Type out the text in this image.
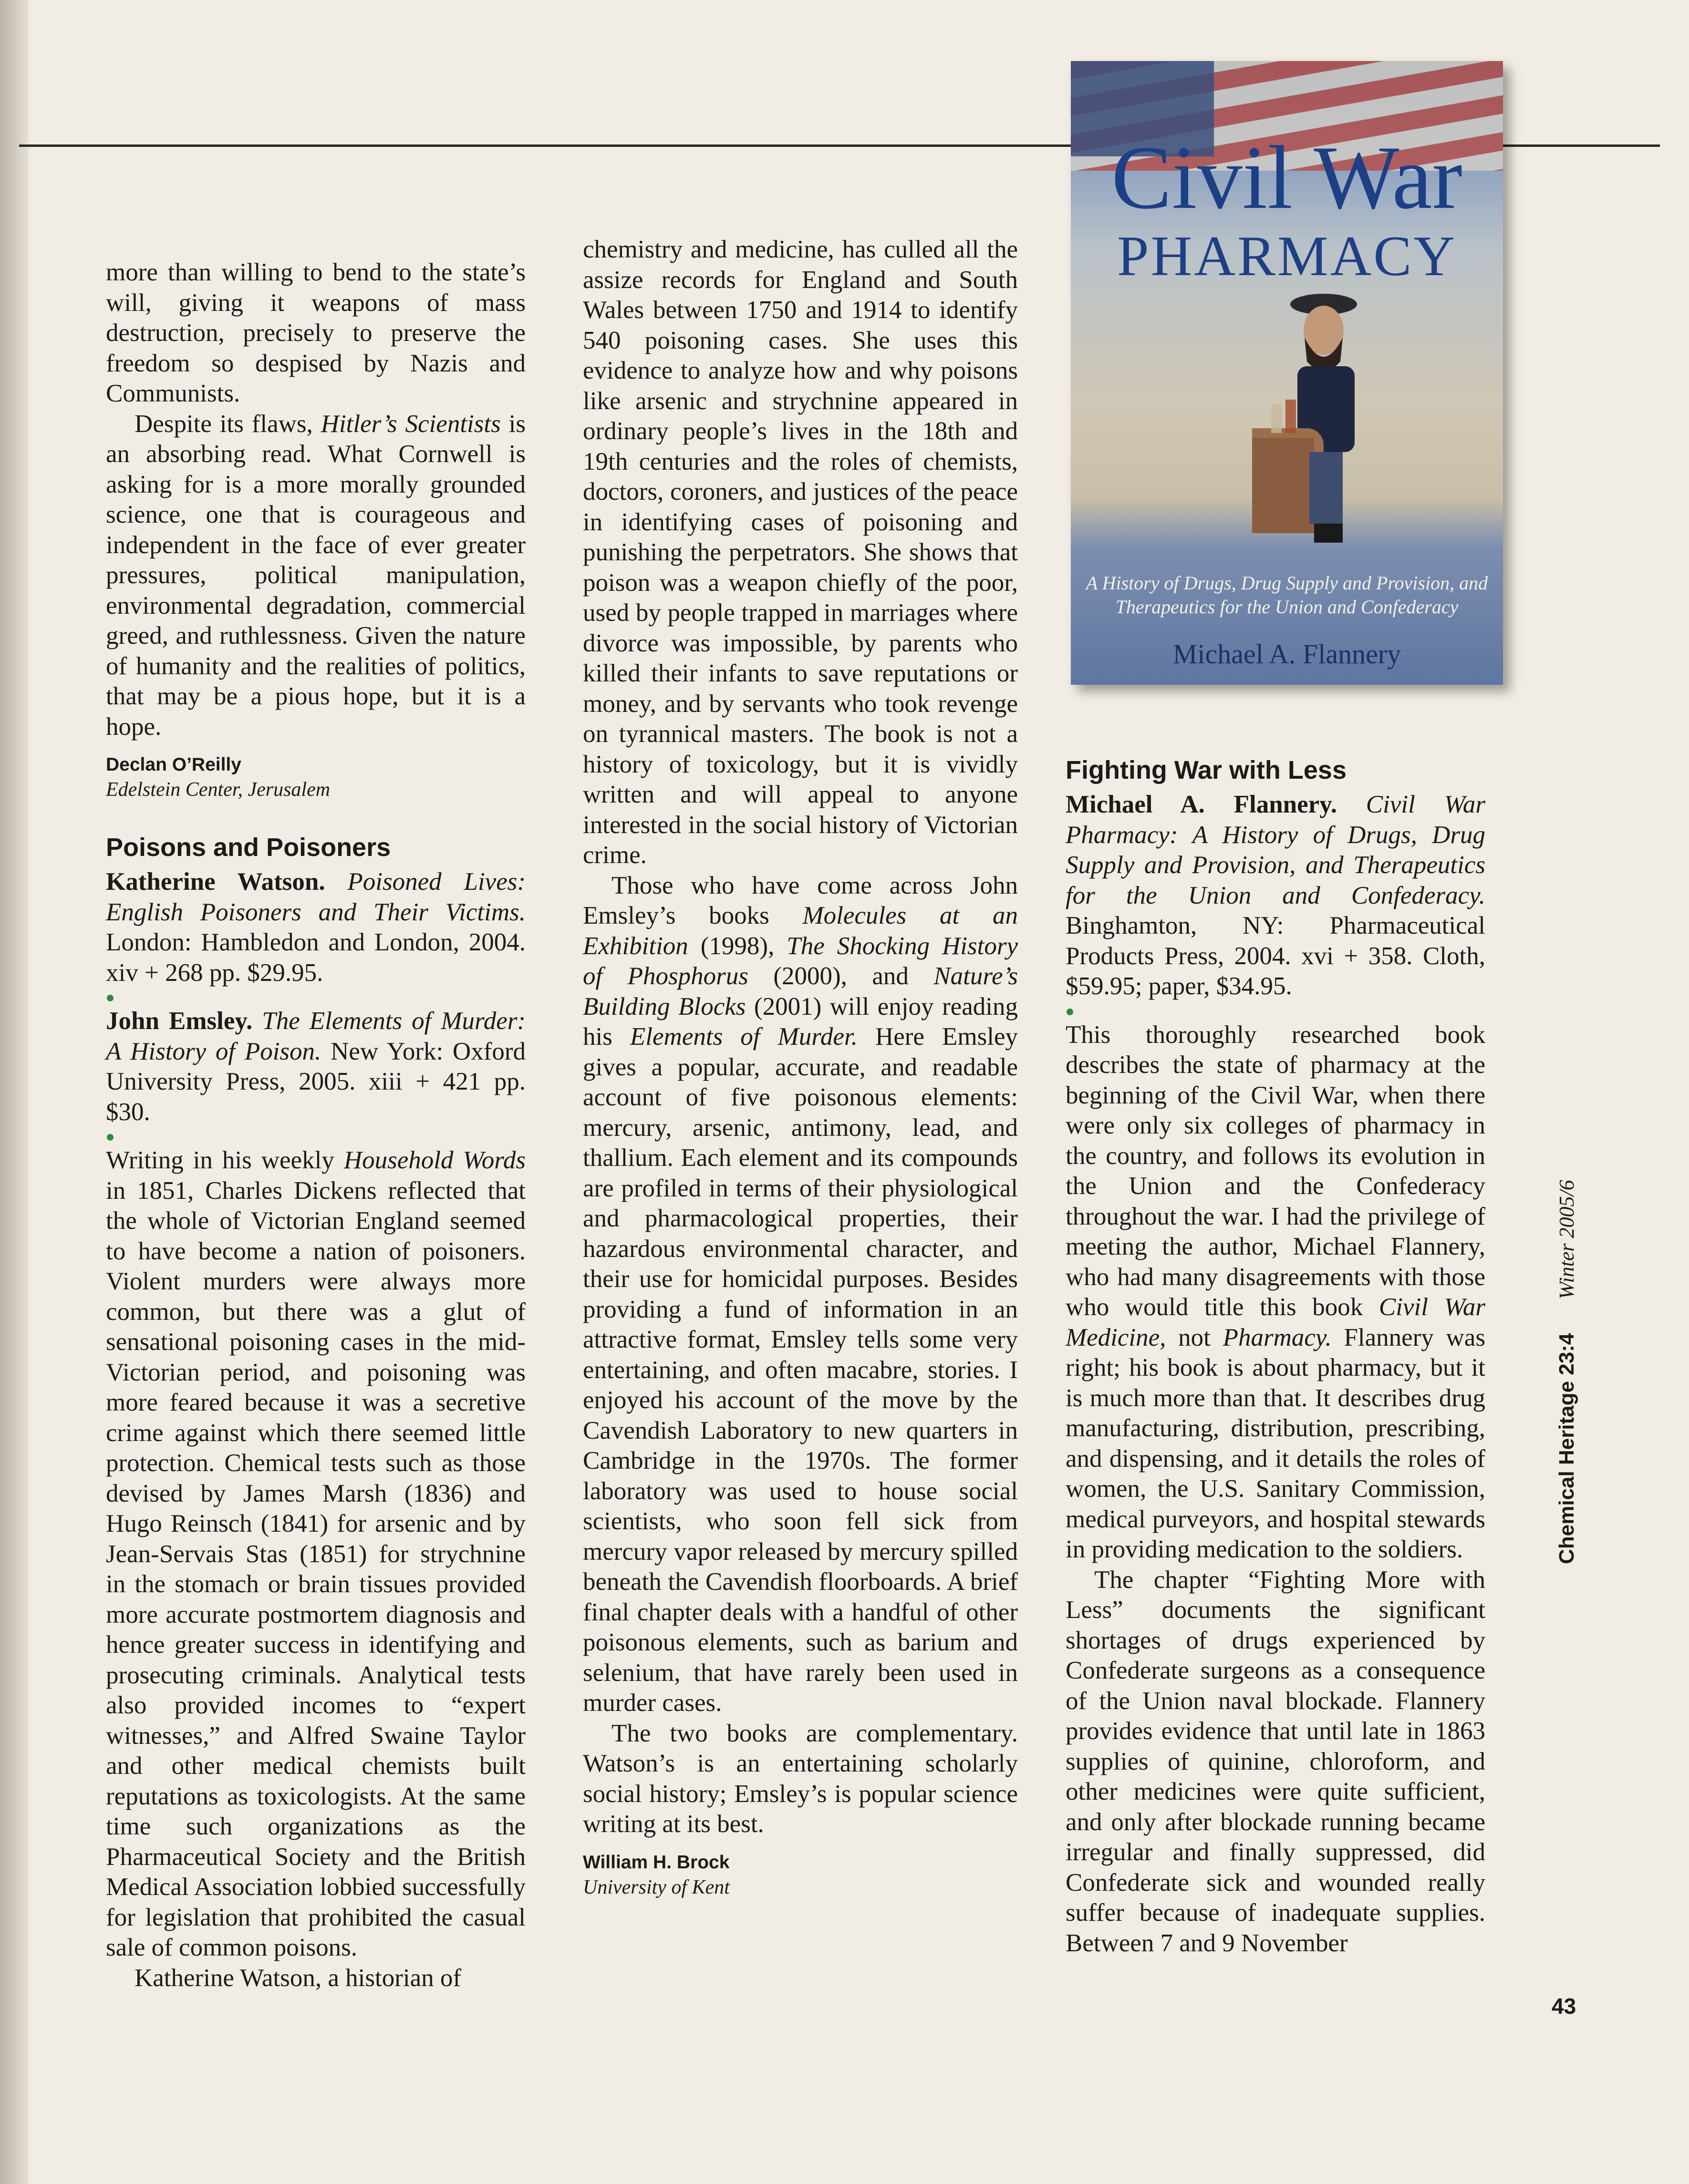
more than willing to bend to the state’s will, giving it weapons of mass destruction, precisely to preserve the freedom so despised by Nazis and Communists.

Despite its flaws, Hitler’s Scientists is an absorbing read. What Cornwell is asking for is a more morally grounded science, one that is courageous and independent in the face of ever greater pressures, political manipulation, environmental degradation, commercial greed, and ruthlessness. Given the nature of humanity and the realities of politics, that may be a pious hope, but it is a hope.

Declan O’Reilly
Edelstein Center, Jerusalem
Poisons and Poisoners

Katherine Watson. Poisoned Lives: English Poisoners and Their Victims. London: Hambledon and London, 2004. xiv + 268 pp. $29.95.

John Emsley. The Elements of Murder: A History of Poison. New York: Oxford University Press, 2005. xiii + 421 pp. $30.

Writing in his weekly Household Words in 1851, Charles Dickens reflected that the whole of Victorian England seemed to have become a nation of poisoners. Violent murders were always more common, but there was a glut of sensational poisoning cases in the mid-Victorian period, and poisoning was more feared because it was a secretive crime against which there seemed little protection. Chemical tests such as those devised by James Marsh (1836) and Hugo Reinsch (1841) for arsenic and by Jean-Servais Stas (1851) for strychnine in the stomach or brain tissues provided more accurate postmortem diagnosis and hence greater success in identifying and prosecuting criminals. Analytical tests also provided incomes to “expert witnesses,” and Alfred Swaine Taylor and other medical chemists built reputations as toxicologists. At the same time such organizations as the Pharmaceutical Society and the British Medical Association lobbied successfully for legislation that prohibited the casual sale of common poisons.

Katherine Watson, a historian of

chemistry and medicine, has culled all the assize records for England and South Wales between 1750 and 1914 to identify 540 poisoning cases. She uses this evidence to analyze how and why poisons like arsenic and strychnine appeared in ordinary people’s lives in the 18th and 19th centuries and the roles of chemists, doctors, coroners, and justices of the peace in identifying cases of poisoning and punishing the perpetrators. She shows that poison was a weapon chiefly of the poor, used by people trapped in marriages where divorce was impossible, by parents who killed their infants to save reputations or money, and by servants who took revenge on tyrannical masters. The book is not a history of toxicology, but it is vividly written and will appeal to anyone interested in the social history of Victorian crime.

Those who have come across John Emsley’s books Molecules at an Exhibition (1998), The Shocking History of Phosphorus (2000), and Nature’s Building Blocks (2001) will enjoy reading his Elements of Murder. Here Emsley gives a popular, accurate, and readable account of five poisonous elements: mercury, arsenic, antimony, lead, and thallium. Each element and its compounds are profiled in terms of their physiological and pharmacological properties, their hazardous environmental character, and their use for homicidal purposes. Besides providing a fund of information in an attractive format, Emsley tells some very entertaining, and often macabre, stories. I enjoyed his account of the move by the Cavendish Laboratory to new quarters in Cambridge in the 1970s. The former laboratory was used to house social scientists, who soon fell sick from mercury vapor released by mercury spilled beneath the Cavendish floorboards. A brief final chapter deals with a handful of other poisonous elements, such as barium and selenium, that have rarely been used in murder cases.

The two books are complementary. Watson’s is an entertaining scholarly social history; Emsley’s is popular science writing at its best.

William H. Brock
University of Kent
Civil War
PHARMACY
A History of Drugs, Drug Supply and Provision, and Therapeutics for the Union and Confederacy
Michael A. Flannery
Fighting War with Less

Michael A. Flannery. Civil War Pharmacy: A History of Drugs, Drug Supply and Provision, and Therapeutics for the Union and Confederacy. Binghamton, NY: Pharmaceutical Products Press, 2004. xvi + 358. Cloth, $59.95; paper, $34.95.

This thoroughly researched book describes the state of pharmacy at the beginning of the Civil War, when there were only six colleges of pharmacy in the country, and follows its evolution in the Union and the Confederacy throughout the war. I had the privilege of meeting the author, Michael Flannery, who had many disagreements with those who would title this book Civil War Medicine, not Pharmacy. Flannery was right; his book is about pharmacy, but it is much more than that. It describes drug manufacturing, distribution, prescribing, and dispensing, and it details the roles of women, the U.S. Sanitary Commission, medical purveyors, and hospital stewards in providing medication to the soldiers.

The chapter “Fighting More with Less” documents the significant shortages of drugs experienced by Confederate surgeons as a consequence of the Union naval blockade. Flannery provides evidence that until late in 1863 supplies of quinine, chloroform, and other medicines were quite sufficient, and only after blockade running became irregular and finally suppressed, did Confederate sick and wounded really suffer because of inadequate supplies. Between 7 and 9 November

Chemical Heritage 23:4 Winter 2005/6
43
